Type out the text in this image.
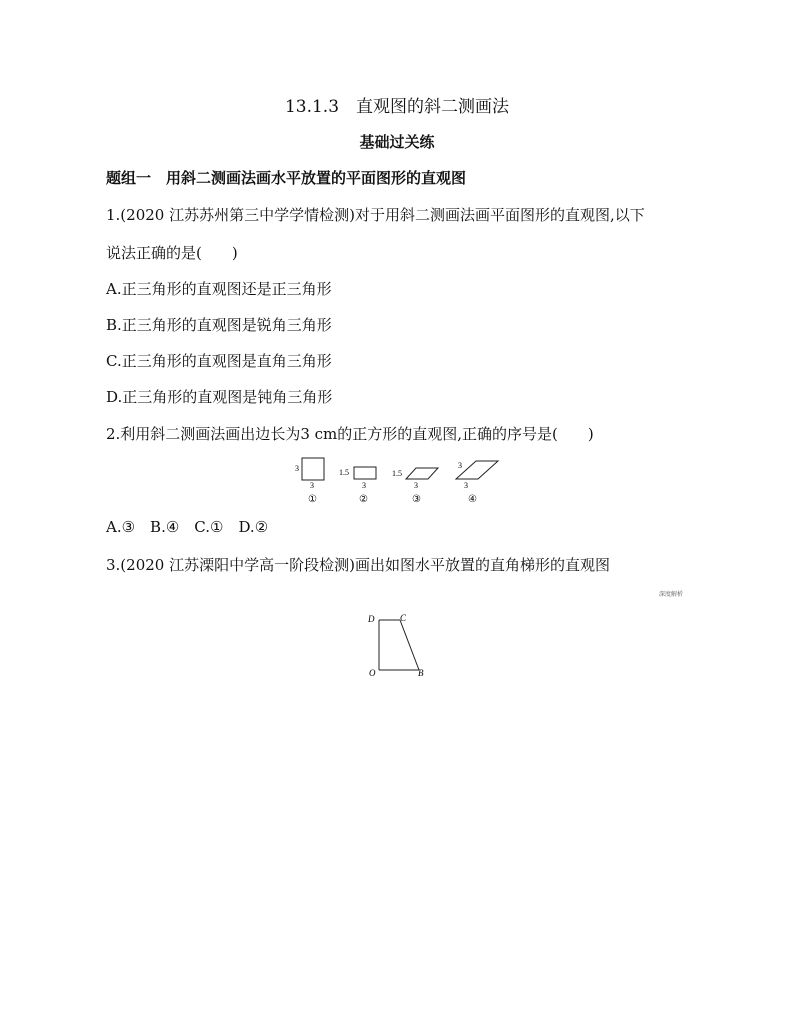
13.1.3　直观图的斜二测画法
基础过关练
题组一　用斜二测画法画水平放置的平面图形的直观图
1.(2020 江苏苏州第三中学学情检测)对于用斜二测画法画平面图形的直观图,以下
说法正确的是(　　)
A.正三角形的直观图还是正三角形
B.正三角形的直观图是锐角三角形
C.正三角形的直观图是直角三角形
D.正三角形的直观图是钝角三角形
2.利用斜二测画法画出边长为3 cm的正方形的直观图,正确的序号是(　　)
3
3
①
1.5
3
②
1.5
3
③
3
3
④
A.③　B.④　C.①　D.②
3.(2020 江苏溧阳中学高一阶段检测)画出如图水平放置的直角梯形的直观图
深度解析
D	C
O	B
